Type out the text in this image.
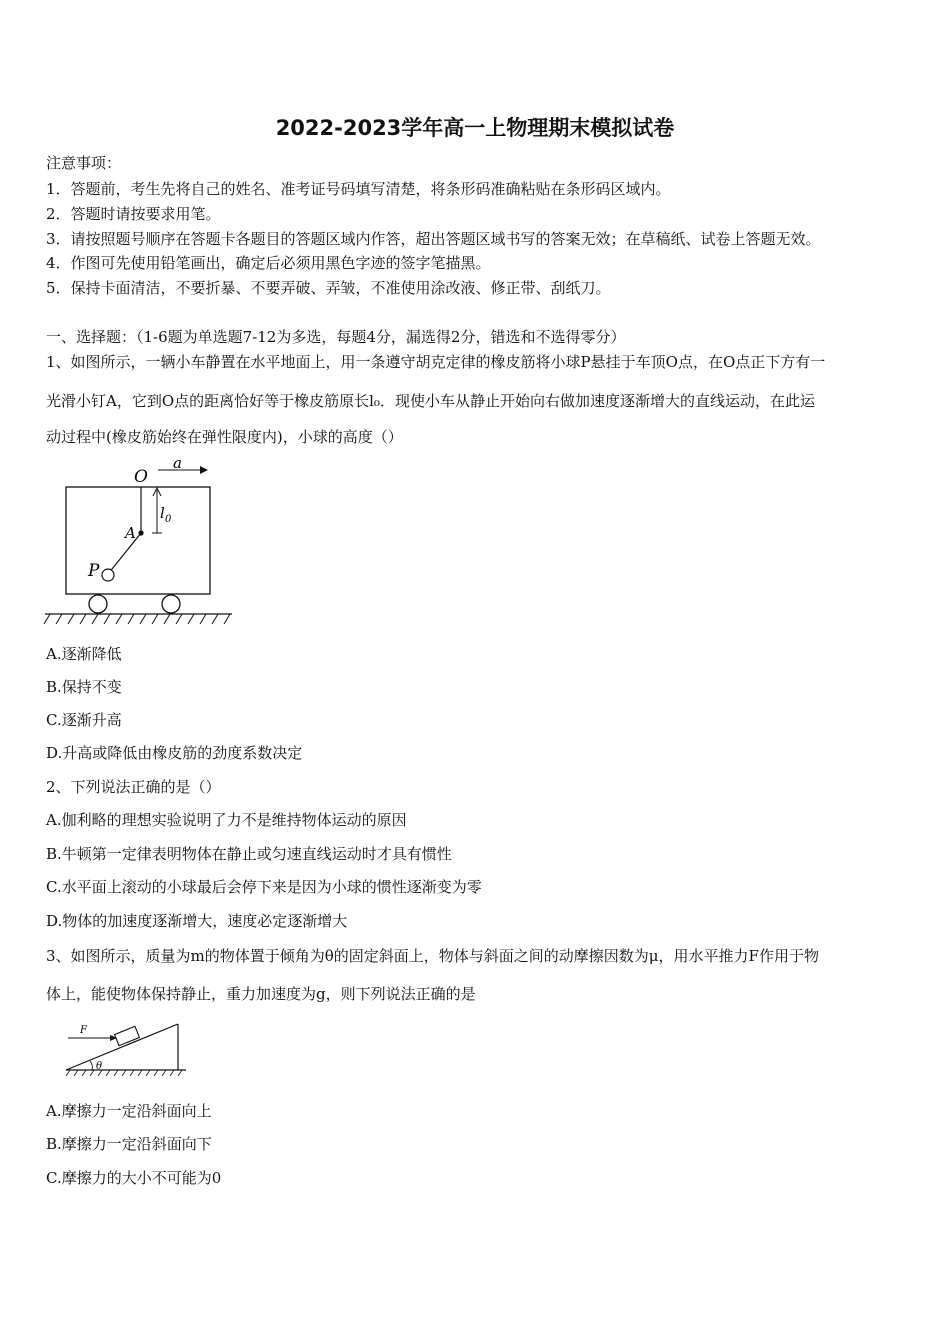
2022-2023学年高一上物理期末模拟试卷
注意事项：
1．答题前，考生先将自己的姓名、准考证号码填写清楚，将条形码准确粘贴在条形码区域内。
2．答题时请按要求用笔。
3．请按照题号顺序在答题卡各题目的答题区域内作答，超出答题区域书写的答案无效；在草稿纸、试卷上答题无效。
4．作图可先使用铅笔画出，确定后必须用黑色字迹的签字笔描黑。
5．保持卡面清洁，不要折暴、不要弄破、弄皱，不准使用涂改液、修正带、刮纸刀。
一、选择题：（1-6题为单选题7-12为多选，每题4分，漏选得2分，错选和不选得零分）
1、如图所示，一辆小车静置在水平地面上，用一条遵守胡克定律的橡皮筋将小球P悬挂于车顶O点，在O点正下方有一
光滑小钉A，它到O点的距离恰好等于橡皮筋原长l₀．现使小车从静止开始向右做加速度逐渐增大的直线运动，在此运
动过程中(橡皮筋始终在弹性限度内)，小球的高度（）
O
a
l 0
A
P
A.逐渐降低
B.保持不变
C.逐渐升高
D.升高或降低由橡皮筋的劲度系数决定
2、下列说法正确的是（）
A.伽利略的理想实验说明了力不是维持物体运动的原因
B.牛顿第一定律表明物体在静止或匀速直线运动时才具有惯性
C.水平面上滚动的小球最后会停下来是因为小球的惯性逐渐变为零
D.物体的加速度逐渐增大，速度必定逐渐增大
3、如图所示，质量为m的物体置于倾角为θ的固定斜面上，物体与斜面之间的动摩擦因数为μ，用水平推力F作用于物
体上，能使物体保持静止，重力加速度为g，则下列说法正确的是
F
θ
A.摩擦力一定沿斜面向上
B.摩擦力一定沿斜面向下
C.摩擦力的大小不可能为0
